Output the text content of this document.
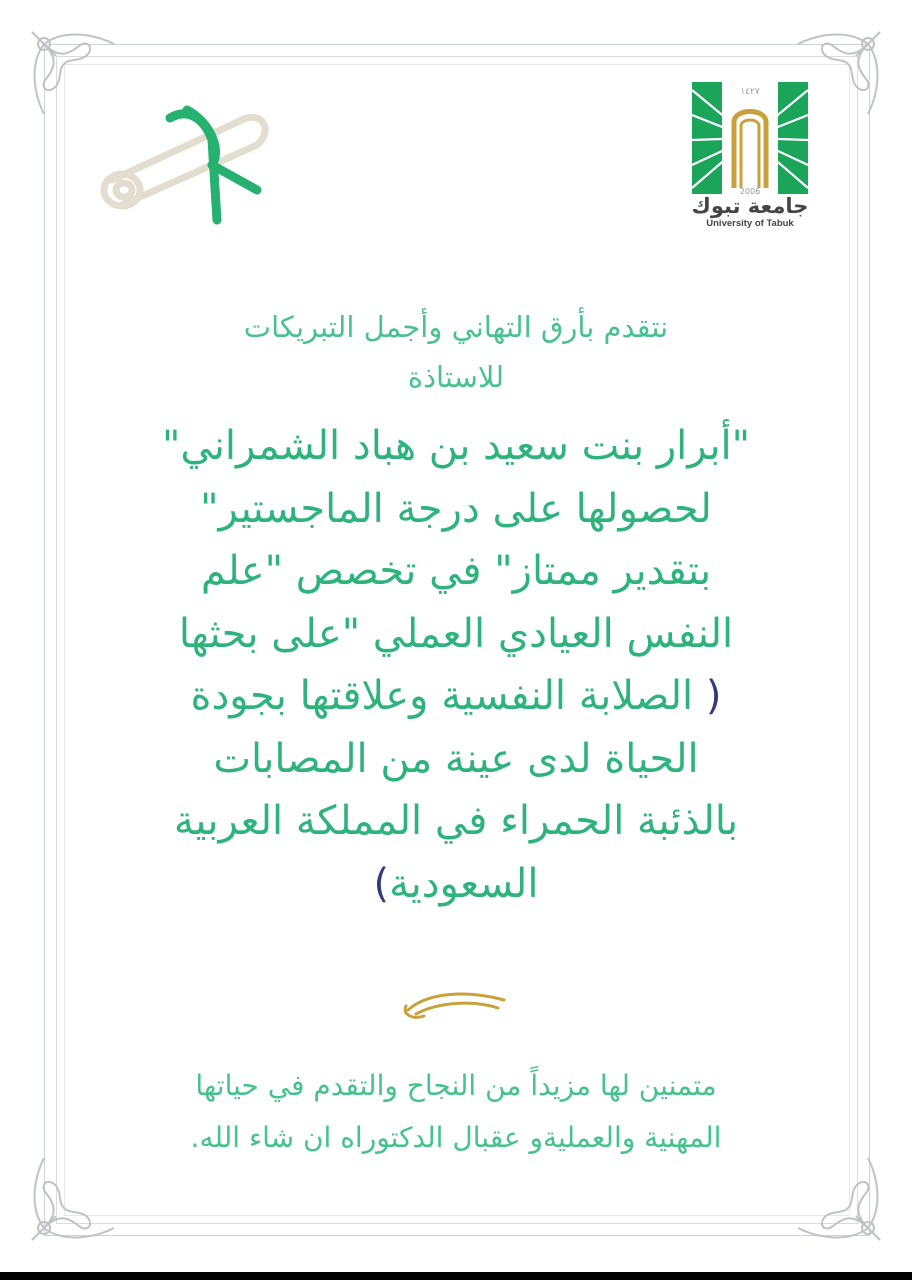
١٤٢٧
2006
جامعة تبوك
University of Tabuk
نتقدم بأرق التهاني وأجمل التبريكات
للاستاذة
"أبرار بنت سعيد بن هباد الشمراني"
لحصولها على درجة الماجستير"
بتقدير ممتاز" في تخصص "علم
النفس العيادي العملي "على بحثها
( الصلابة النفسية وعلاقتها بجودة
الحياة لدى عينة من المصابات
بالذئبة الحمراء في المملكة العربية
السعودية)
متمنين لها مزيداً من النجاح والتقدم في حياتها
المهنية والعمليةو عقبال الدكتوراه ان شاء الله.
